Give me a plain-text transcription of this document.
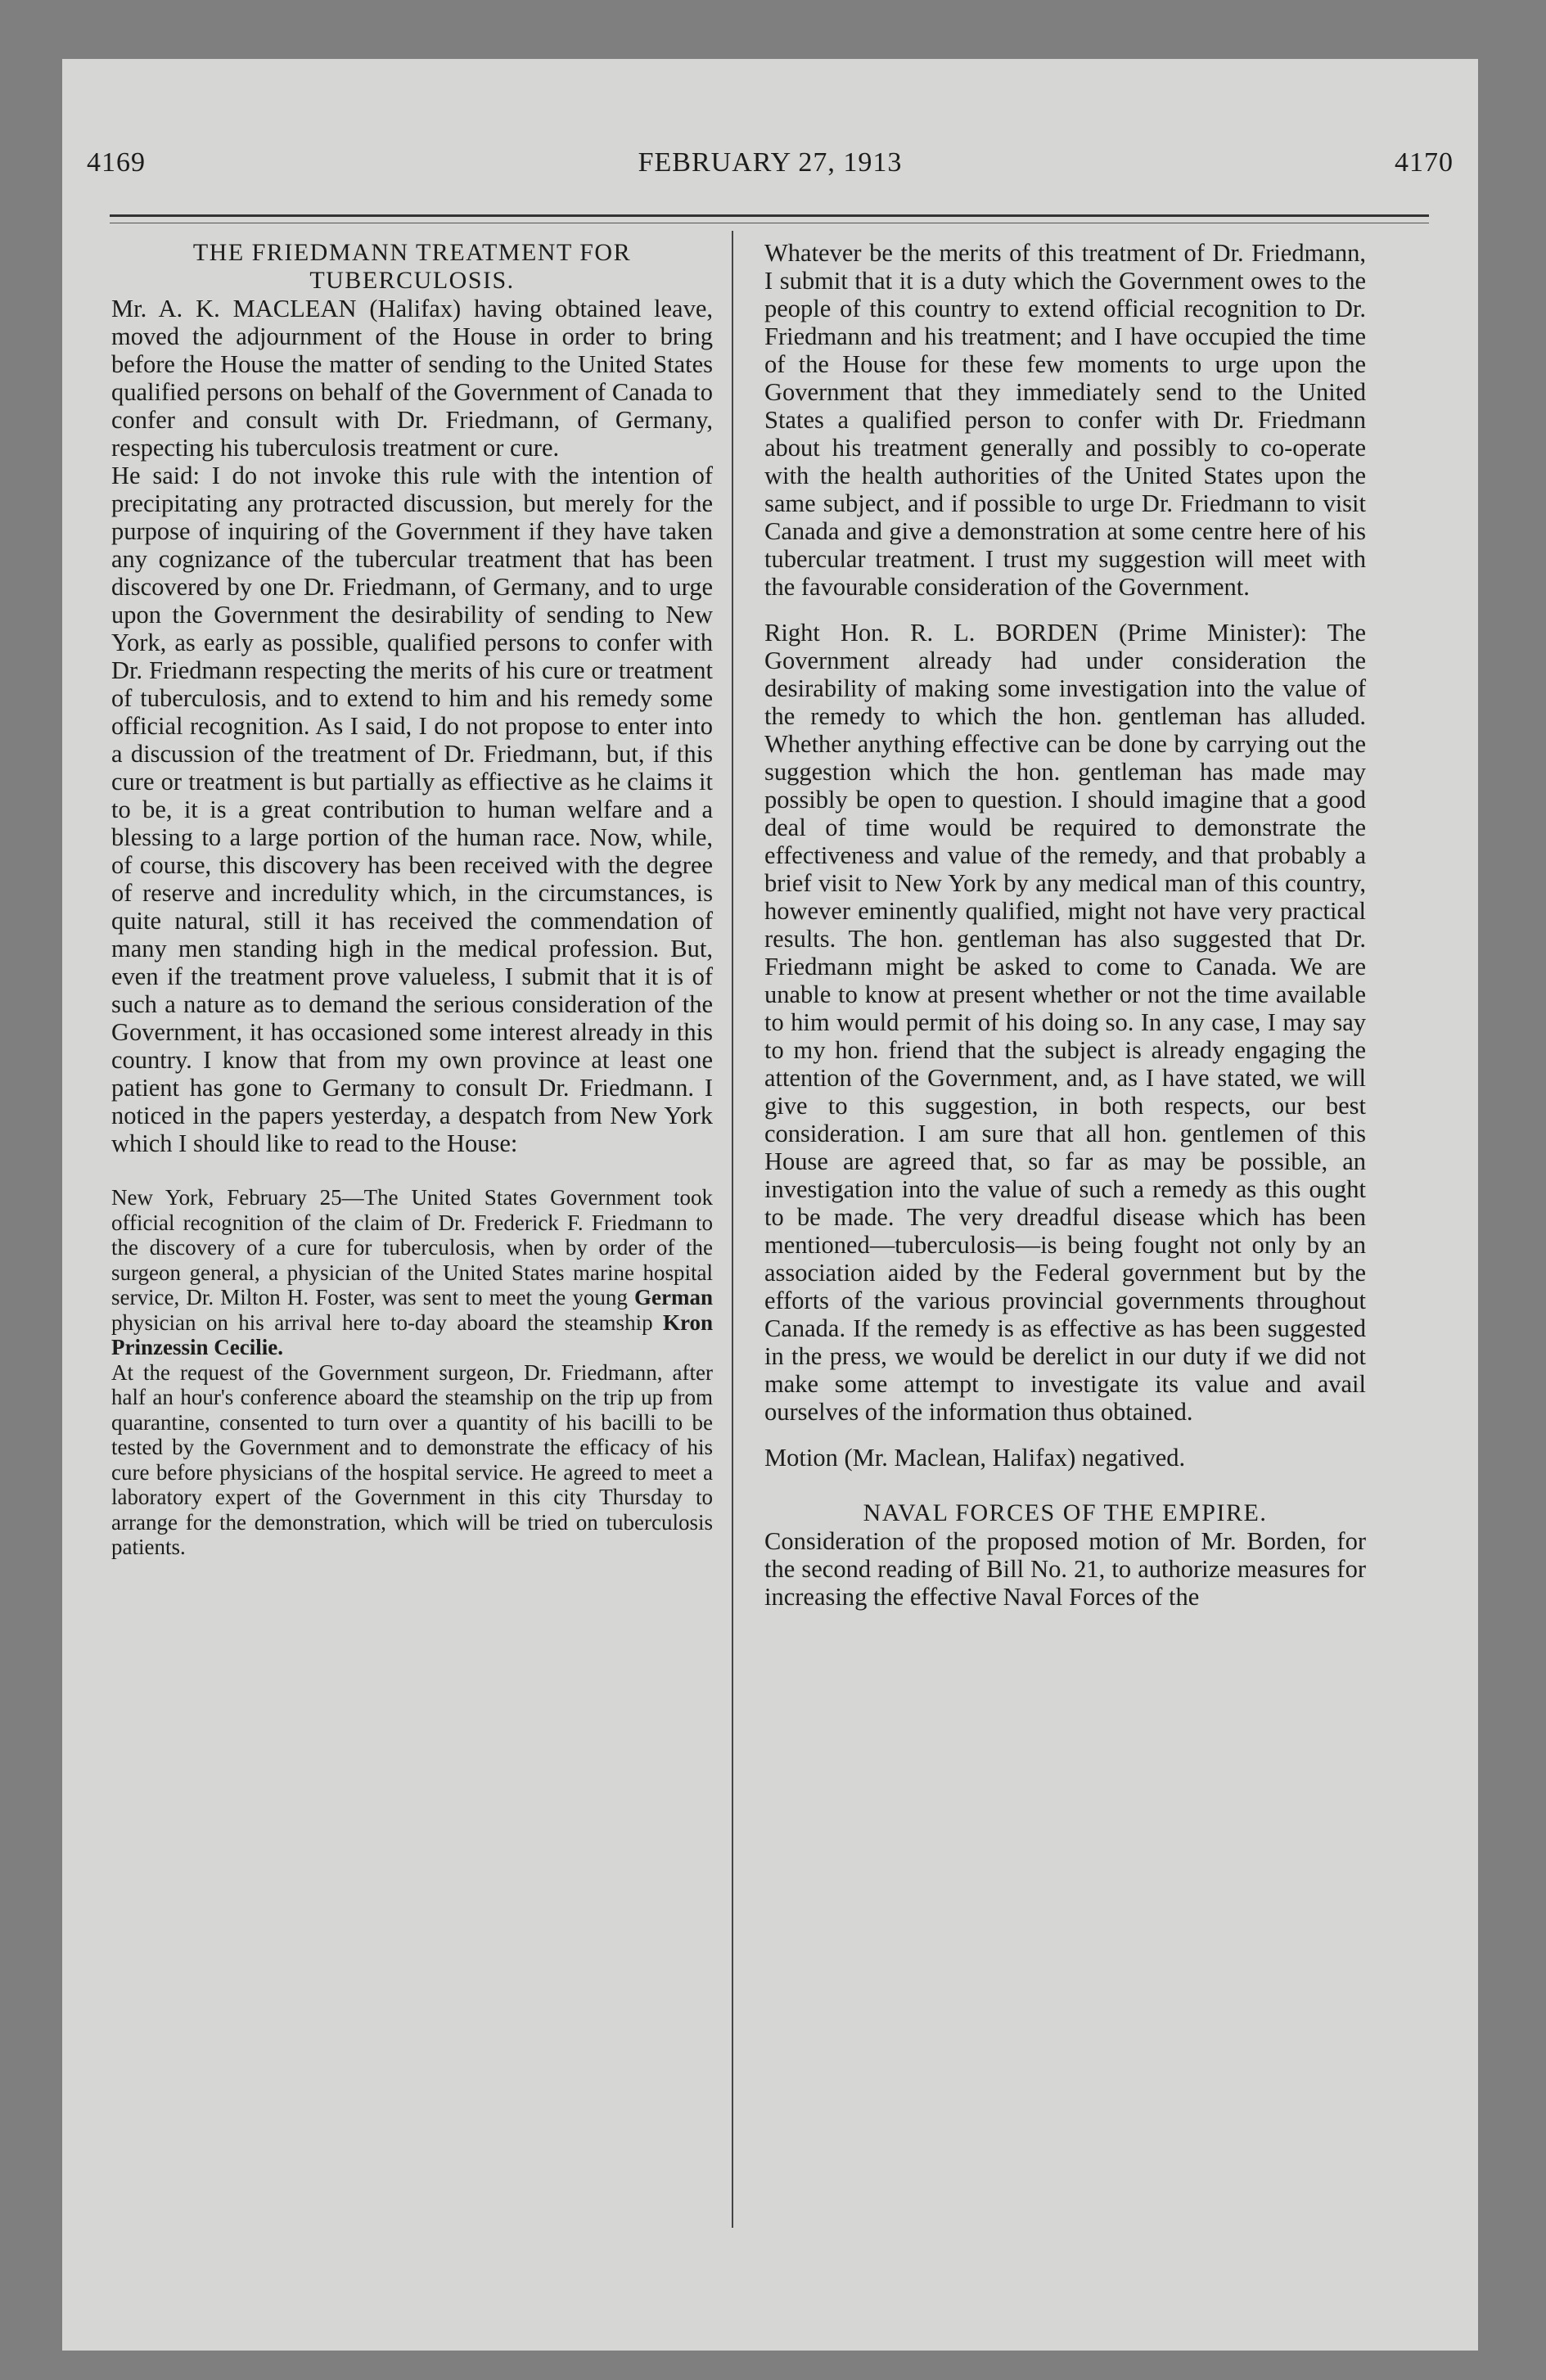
4169	FEBRUARY 27, 1913	4170

THE FRIEDMANN TREATMENT FOR TUBERCULOSIS.

Mr. A. K. MACLEAN (Halifax) having obtained leave, moved the adjournment of the House in order to bring before the House the matter of sending to the United States qualified persons on behalf of the Government of Canada to confer and consult with Dr. Friedmann, of Germany, respecting his tuberculosis treatment or cure.

He said: I do not invoke this rule with the intention of precipitating any protracted discussion, but merely for the purpose of inquiring of the Government if they have taken any cognizance of the tubercular treatment that has been discovered by one Dr. Friedmann, of Germany, and to urge upon the Government the desirability of sending to New York, as early as possible, qualified persons to confer with Dr. Friedmann respecting the merits of his cure or treatment of tuberculosis, and to extend to him and his remedy some official recognition. As I said, I do not propose to enter into a discussion of the treatment of Dr. Friedmann, but, if this cure or treatment is but partially as effiective as he claims it to be, it is a great contribution to human welfare and a blessing to a large portion of the human race. Now, while, of course, this discovery has been received with the degree of reserve and incredulity which, in the circumstances, is quite natural, still it has received the commendation of many men standing high in the medical profession. But, even if the treatment prove valueless, I submit that it is of such a nature as to demand the serious consideration of the Government, it has occasioned some interest already in this country. I know that from my own province at least one patient has gone to Germany to consult Dr. Friedmann. I noticed in the papers yesterday, a despatch from New York which I should like to read to the House:

New York, February 25—The United States Government took official recognition of the claim of Dr. Frederick F. Friedmann to the discovery of a cure for tuberculosis, when by order of the surgeon general, a physician of the United States marine hospital service, Dr. Milton H. Foster, was sent to meet the young German physician on his arrival here to-day aboard the steamship Kron Prinzessin Cecilie.

At the request of the Government surgeon, Dr. Friedmann, after half an hour's conference aboard the steamship on the trip up from quarantine, consented to turn over a quantity of his bacilli to be tested by the Government and to demonstrate the efficacy of his cure before physicians of the hospital service. He agreed to meet a laboratory expert of the Government in this city Thursday to arrange for the demonstration, which will be tried on tuberculosis patients.

Whatever be the merits of this treatment of Dr. Friedmann, I submit that it is a duty which the Government owes to the people of this country to extend official recognition to Dr. Friedmann and his treatment; and I have occupied the time of the House for these few moments to urge upon the Government that they immediately send to the United States a qualified person to confer with Dr. Friedmann about his treatment generally and possibly to co-operate with the health authorities of the United States upon the same subject, and if possible to urge Dr. Friedmann to visit Canada and give a demonstration at some centre here of his tubercular treatment. I trust my suggestion will meet with the favourable consideration of the Government.

Right Hon. R. L. BORDEN (Prime Minister): The Government already had under consideration the desirability of making some investigation into the value of the remedy to which the hon. gentleman has alluded. Whether anything effective can be done by carrying out the suggestion which the hon. gentleman has made may possibly be open to question. I should imagine that a good deal of time would be required to demonstrate the effectiveness and value of the remedy, and that probably a brief visit to New York by any medical man of this country, however eminently qualified, might not have very practical results. The hon. gentleman has also suggested that Dr. Friedmann might be asked to come to Canada. We are unable to know at present whether or not the time available to him would permit of his doing so. In any case, I may say to my hon. friend that the subject is already engaging the attention of the Government, and, as I have stated, we will give to this suggestion, in both respects, our best consideration. I am sure that all hon. gentlemen of this House are agreed that, so far as may be possible, an investigation into the value of such a remedy as this ought to be made. The very dreadful disease which has been mentioned—tuberculosis—is being fought not only by an association aided by the Federal government but by the efforts of the various provincial governments throughout Canada. If the remedy is as effective as has been suggested in the press, we would be derelict in our duty if we did not make some attempt to investigate its value and avail ourselves of the information thus obtained.

Motion (Mr. Maclean, Halifax) negatived.

NAVAL FORCES OF THE EMPIRE.

Consideration of the proposed motion of Mr. Borden, for the second reading of Bill No. 21, to authorize measures for increasing the effective Naval Forces of the
